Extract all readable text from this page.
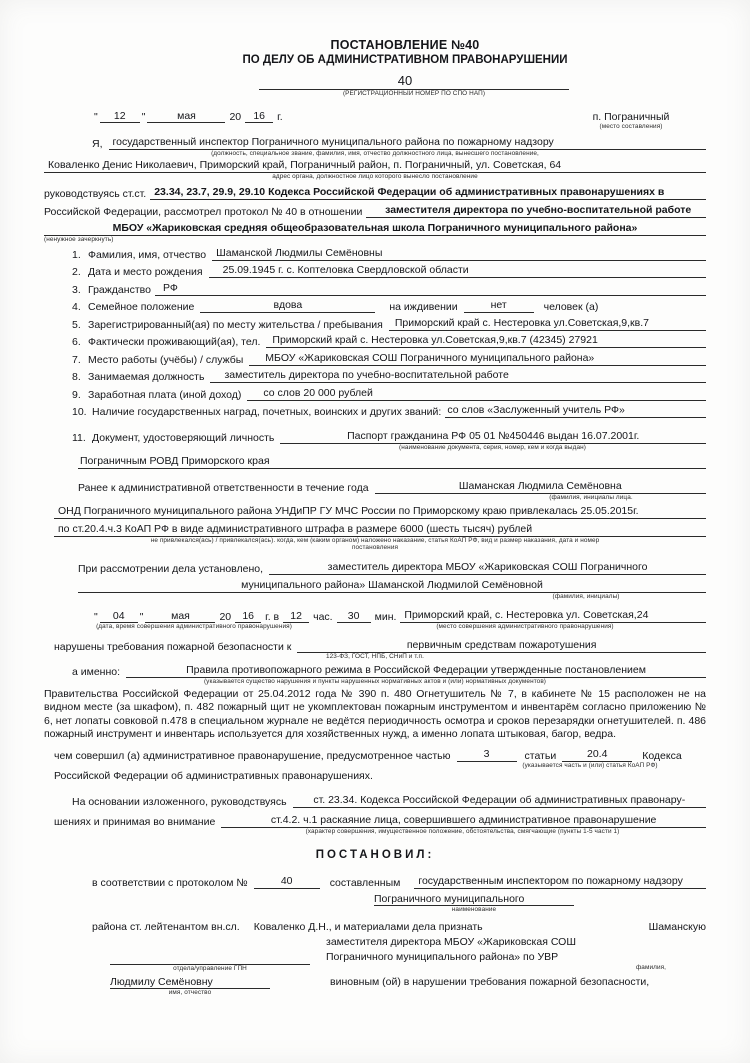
ПОСТАНОВЛЕНИЕ №40
ПО ДЕЛУ ОБ АДМИНИСТРАТИВНОМ ПРАВОНАРУШЕНИИ
40
(РЕГИСТРАЦИОННЫЙ НОМЕР ПО СПО НАП)
"	12	"	мая	20	16	г.	п. Пограничный
(место составления)
Я, государственный инспектор Пограничного муниципального района по пожарному надзору
(должность, специальное звание, фамилия, имя, отчество должностного лица, вынесшего постановление,
Коваленко Денис Николаевич, Приморский край, Пограничный район, п. Пограничный, ул. Советская, 64
адрес органа, должностное лицо которого вынесло постановление
руководствуясь ст.ст. 23.34, 23.7, 29.9, 29.10 Кодекса Российской Федерации об административных правонарушениях в
Российской Федерации, рассмотрел протокол № 40 в отношении	заместителя директора по учебно-воспитательной работе
МБОУ «Жариковская средняя общеобразовательная школа Пограничного муниципального района»
(ненужное зачеркнуть)
1. Фамилия, имя, отчество Шаманской Людмилы Семёновны
2. Дата и место рождения	25.09.1945 г. с. Коптеловка Свердловской области
3. Гражданство	РФ
4. Семейное положение	вдова	на иждивении	нет	человек (а)
5. Зарегистрированный(ая) по месту жительства / пребывания	Приморский край с. Нестеровка ул.Советская,9,кв.7
6. Фактически проживающий(ая), тел.	Приморский край с. Нестеровка ул.Советская,9,кв.7 (42345) 27921
7. Место работы (учёбы) / службы	МБОУ «Жариковская СОШ Пограничного муниципального района»
8. Занимаемая должность	заместитель директора по учебно-воспитательной работе
9. Заработная плата (иной доход)	со слов 20 000 рублей
10. Наличие государственных наград, почетных, воинских и других званий: со слов «Заслуженный учитель РФ»
11. Документ, удостоверяющий личность	Паспорт гражданина РФ 05 01 №450446 выдан 16.07.2001г.
(наименование документа, серия, номер, кем и когда выдан)
Пограничным РОВД Приморского края
Ранее к административной ответственности в течение года	Шаманская Людмила Семёновна
(фамилия, инициалы лица.
ОНД Пограничного муниципального района УНДиПР ГУ МЧС России по Приморскому краю привлекалась 25.05.2015г.
по ст.20.4.ч.3 КоАП РФ в виде административного штрафа в размере 6000 (шесть тысяч) рублей
не привлекался(ась) / привлекался(ась). когда, кем (каким органом) наложено наказание, статья КоАП РФ, вид и размер наказания, дата и номер
постановления
При рассмотрении дела установлено,	заместитель директора МБОУ «Жариковская СОШ Пограничного
муниципального района» Шаманской Людмилой Семёновной
(фамилия, инициалы)
"	04	"	мая	20	16	г. в	12	час.	30	мин. Приморский край, с. Нестеровка ул. Советская,24
(дата, время совершения административного правонарушения)	(место совершения административного правонарушения)
нарушены требования пожарной безопасности к	первичным средствам пожаротушения
123-ФЗ, ГОСТ, НПБ, СНиП и т.п.
а именно:	Правила противопожарного режима в Российской Федерации утвержденные постановлением
(указывается существо нарушения и пункты нарушенных нормативных актов и (или) нормативных документов)
Правительства Российской Федерации от 25.04.2012 года № 390 п. 480 Огнетушитель № 7, в кабинете № 15 расположен не на видном месте (за шкафом), п. 482 пожарный щит не укомплектован пожарным инструментом и инвентарём согласно приложению № 6, нет лопаты совковой п.478 в специальном журнале не ведётся периодичность осмотра и сроков перезарядки огнетушителей. п. 486 пожарный инструмент и инвентарь используется для хозяйственных нужд, а именно лопата штыковая, багор, ведра.
чем совершил (а) административное правонарушение, предусмотренное частью	3	статьи	20.4	Кодекса
(указывается часть и (или) статья КоАП РФ)
Российской Федерации об административных правонарушениях.
На основании изложенного, руководствуясь	ст. 23.34. Кодекса Российской Федерации об административных правонару-
шениях и принимая во внимание	ст.4.2. ч.1 раскаяние лица, совершившего административное правонарушение
(характер совершения, имущественное положение, обстоятельства, смягчающие (пункты 1-5 части 1)
ПОСТАНОВИЛ:
в соответствии с протоколом №	40	составленным	государственным инспектором по пожарному надзору
Пограничного муниципального
наименование
района ст. лейтенантом вн.сл. Коваленко Д.Н., и материалами дела признать	Шаманскую
заместителя директора МБОУ «Жариковская СОШ
Пограничного муниципального района» по УВР
отдела/управление ГПН	фамилия,
Людмилу Семёновну	виновным (ой) в нарушении требования пожарной безопасности,
имя, отчество
